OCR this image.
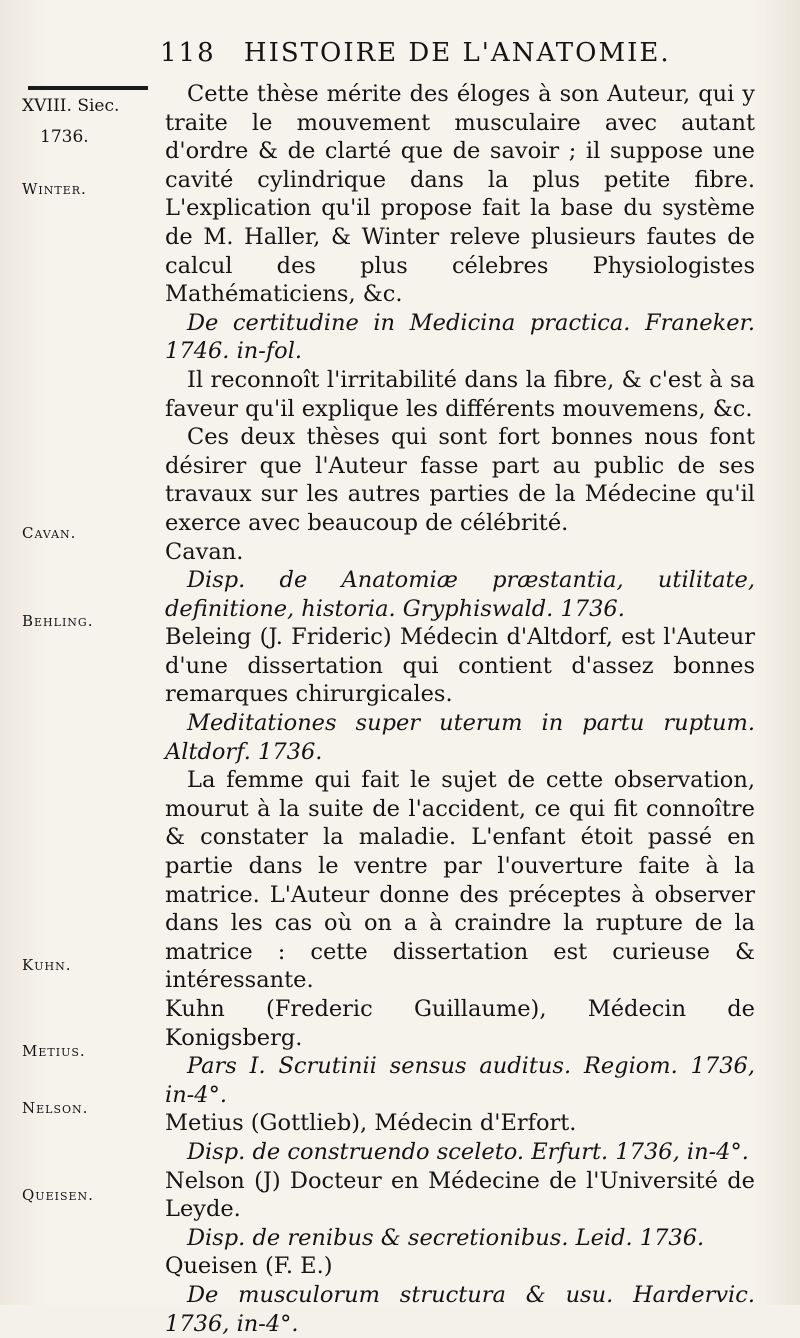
118 HISTOIRE DE L'ANATOMIE.
XVIII. Siec.
1736.
Winter.
Cavan.
Behling.
Kuhn.
Metius.
Nelson.
Queisen.

Cette thèse mérite des éloges à son Auteur, qui y traite le mouvement musculaire avec autant d'ordre & de clarté que de savoir ; il suppose une cavité cylindrique dans la plus petite fibre. L'explication qu'il propose fait la base du système de M. Haller, & Winter releve plusieurs fautes de calcul des plus célebres Physiologistes Mathématiciens, &c.

De certitudine in Medicina practica. Franeker. 1746. in-fol.

Il reconnoît l'irritabilité dans la fibre, & c'est à sa faveur qu'il explique les différents mouvemens, &c.

Ces deux thèses qui sont fort bonnes nous font désirer que l'Auteur fasse part au public de ses travaux sur les autres parties de la Médecine qu'il exerce avec beaucoup de célébrité.

Cavan.

Disp. de Anatomiæ præstantia, utilitate, definitione, historia. Gryphiswald. 1736.

Beleing (J. Frideric) Médecin d'Altdorf, est l'Auteur d'une dissertation qui contient d'assez bonnes remarques chirurgicales.

Meditationes super uterum in partu ruptum. Altdorf. 1736.

La femme qui fait le sujet de cette observation, mourut à la suite de l'accident, ce qui fit connoître & constater la maladie. L'enfant étoit passé en partie dans le ventre par l'ouverture faite à la matrice. L'Auteur donne des préceptes à observer dans les cas où on a à craindre la rupture de la matrice : cette dissertation est curieuse & intéressante.

Kuhn (Frederic Guillaume), Médecin de Konigsberg.

Pars I. Scrutinii sensus auditus. Regiom. 1736, in-4°.

Metius (Gottlieb), Médecin d'Erfort.

Disp. de construendo sceleto. Erfurt. 1736, in-4°.

Nelson (J) Docteur en Médecine de l'Université de Leyde.

Disp. de renibus & secretionibus. Leid. 1736.

Queisen (F. E.)

De musculorum structura & usu. Hardervic. 1736, in-4°.
